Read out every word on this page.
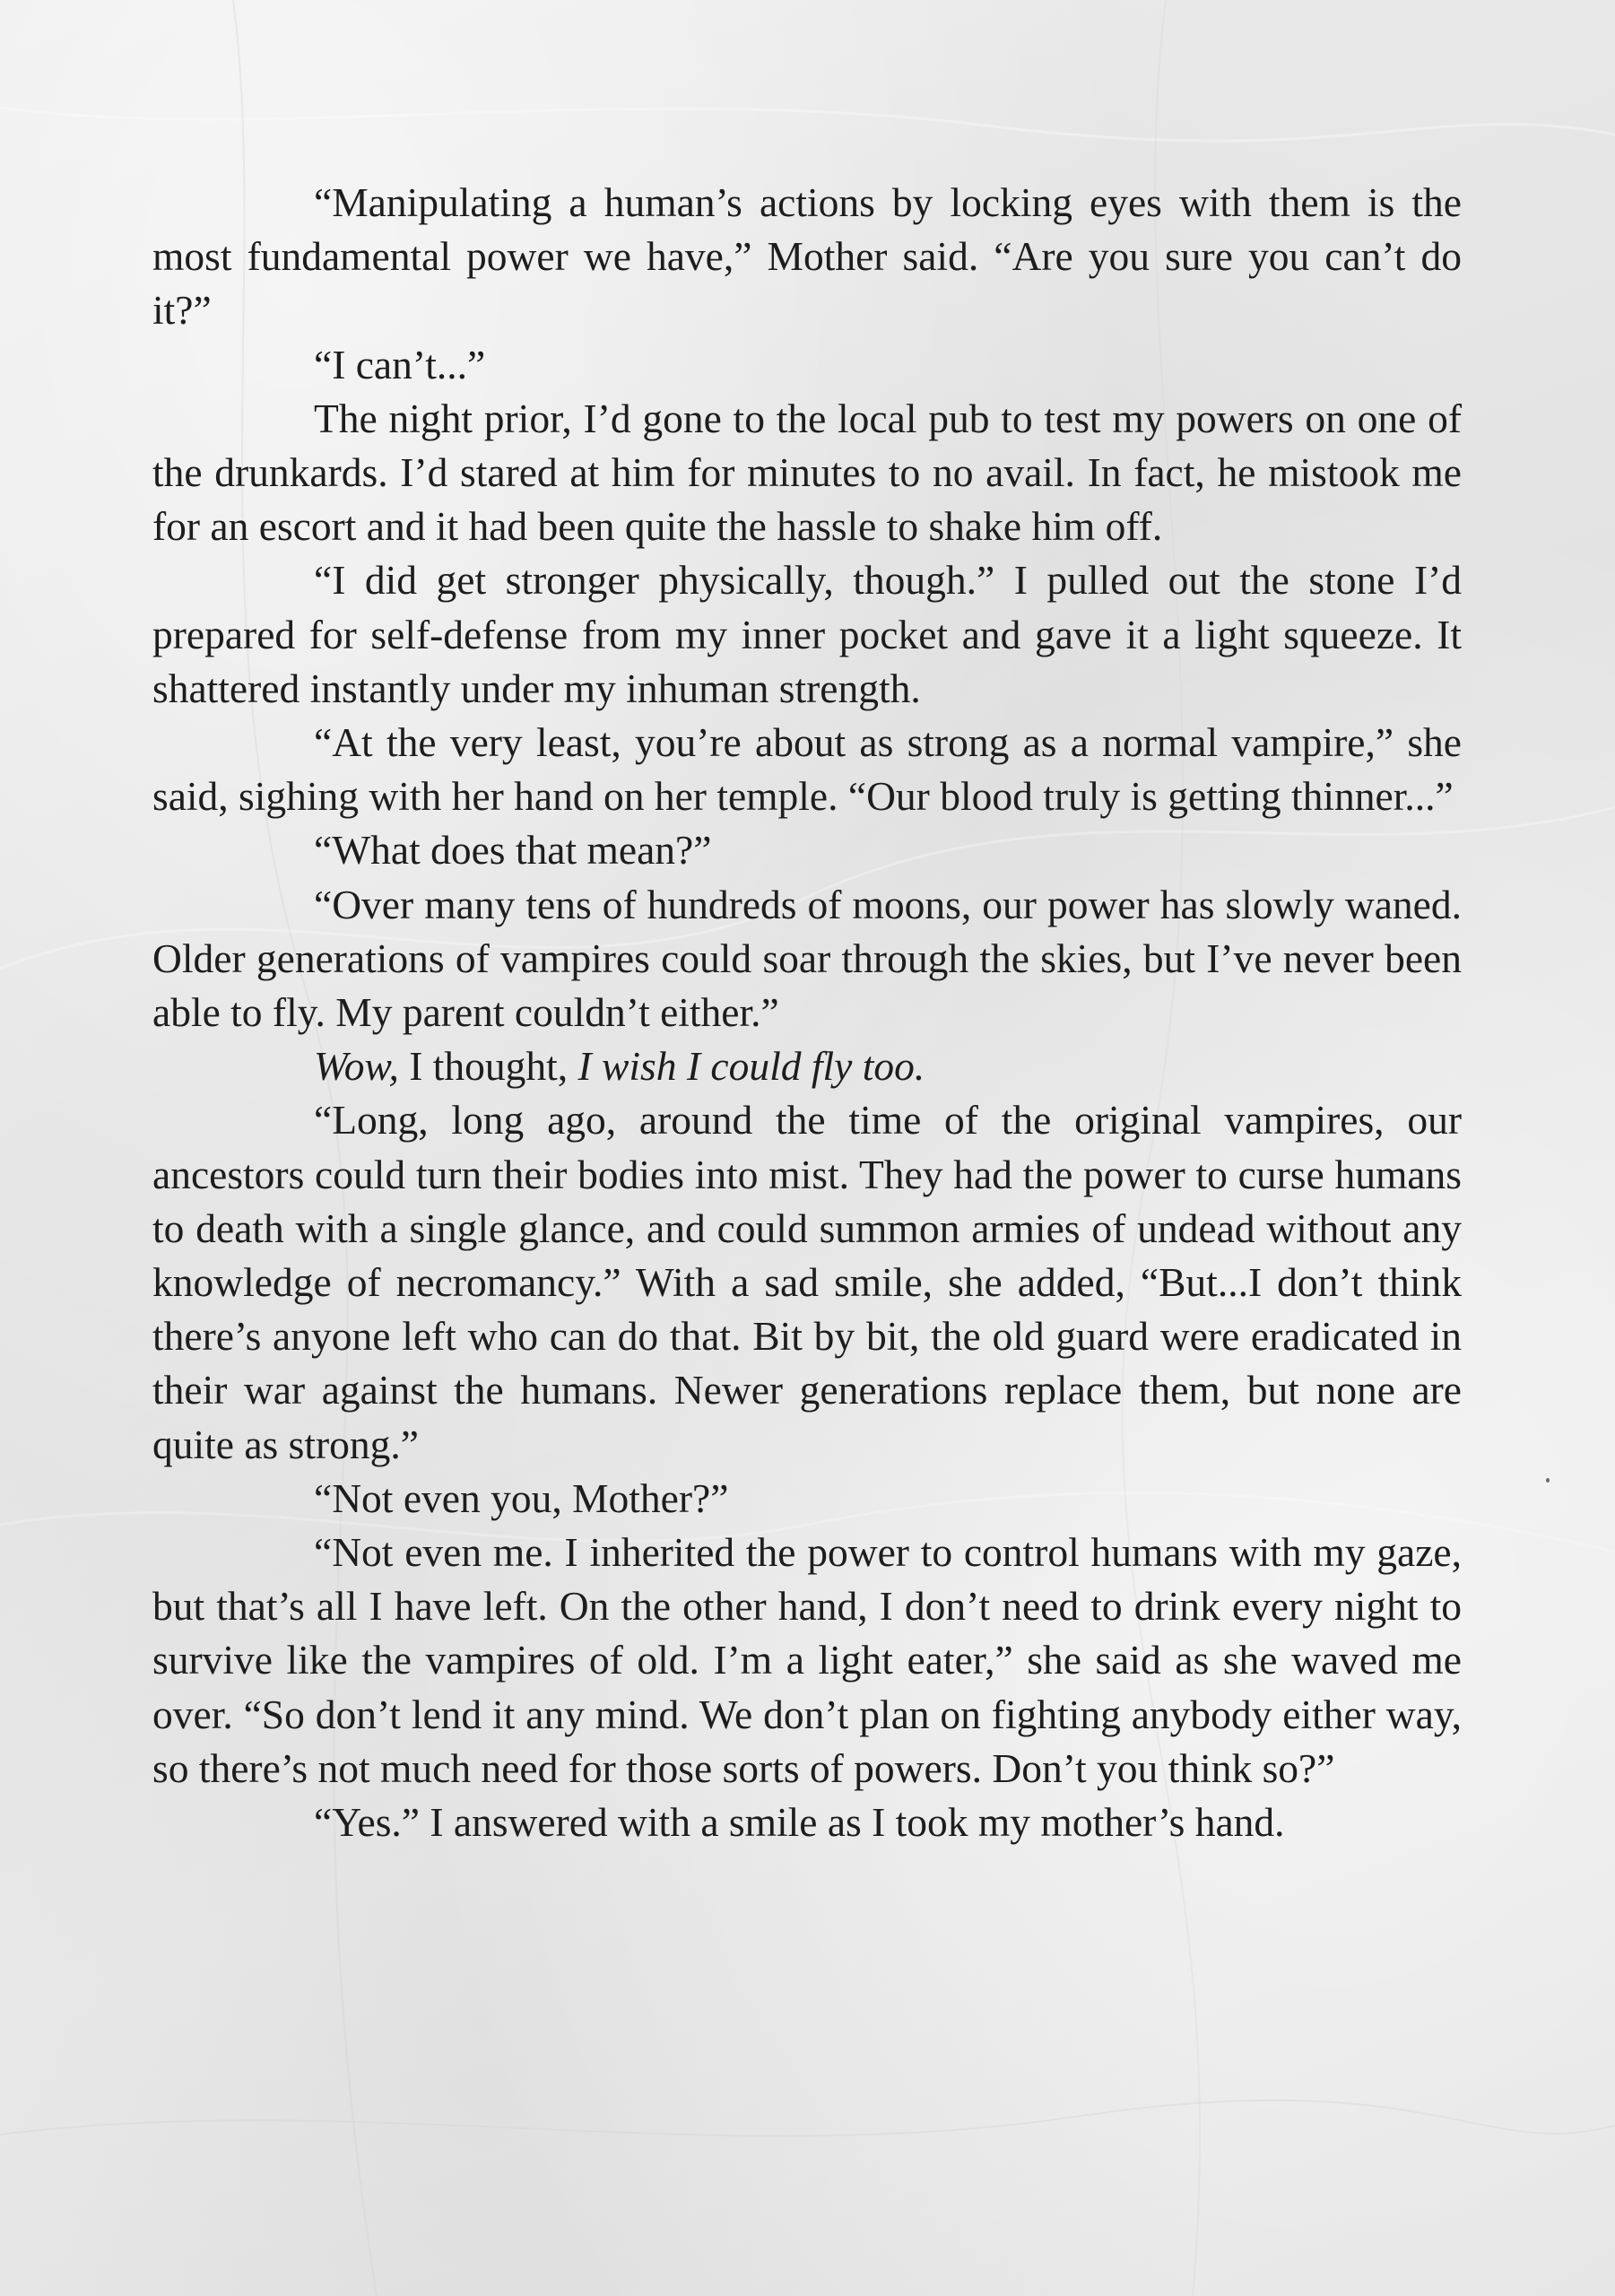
“Manipulating a human’s actions by locking eyes with them is the most fundamental power we have,” Mother said. “Are you sure you can’t do it?”

“I can’t...”

The night prior, I’d gone to the local pub to test my powers on one of the drunkards. I’d stared at him for minutes to no avail. In fact, he mistook me for an escort and it had been quite the hassle to shake him off.

“I did get stronger physically, though.” I pulled out the stone I’d prepared for self-defense from my inner pocket and gave it a light squeeze. It shattered instantly under my inhuman strength.

“At the very least, you’re about as strong as a normal vampire,” she said, sighing with her hand on her temple. “Our blood truly is getting thinner...”

“What does that mean?”

“Over many tens of hundreds of moons, our power has slowly waned. Older generations of vampires could soar through the skies, but I’ve never been able to fly. My parent couldn’t either.”

Wow, I thought, I wish I could fly too.

“Long, long ago, around the time of the original vampires, our ancestors could turn their bodies into mist. They had the power to curse humans to death with a single glance, and could summon armies of undead without any knowledge of necromancy.” With a sad smile, she added, “But...I don’t think there’s anyone left who can do that. Bit by bit, the old guard were eradicated in their war against the humans. Newer generations replace them, but none are quite as strong.”

“Not even you, Mother?”

“Not even me. I inherited the power to control humans with my gaze, but that’s all I have left. On the other hand, I don’t need to drink every night to survive like the vampires of old. I’m a light eater,” she said as she waved me over. “So don’t lend it any mind. We don’t plan on fighting anybody either way, so there’s not much need for those sorts of powers. Don’t you think so?”

“Yes.” I answered with a smile as I took my mother’s hand.
